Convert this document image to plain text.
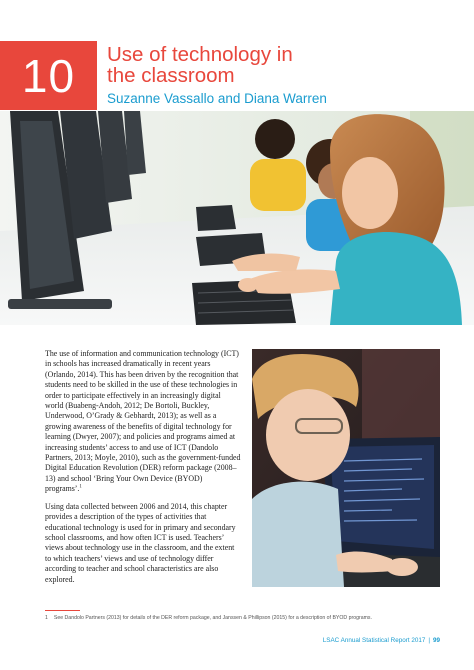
10 Use of technology in
the classroom
Suzanne Vassallo and Diana Warren

The use of information and communication technology (ICT) in schools has increased dramatically in recent years (Orlando, 2014). This has been driven by the recognition that students need to be skilled in the use of these technologies in order to participate effectively in an increasingly digital world (Buabeng-Andoh, 2012; De Bortoli, Buckley, Underwood, O’Grady & Gebhardt, 2013); as well as a growing awareness of the benefits of digital technology for learning (Dwyer, 2007); and policies and programs aimed at increasing students’ access to and use of ICT (Dandolo Partners, 2013; Moyle, 2010), such as the government-funded Digital Education Revolution (DER) reform package (2008–13) and school ‘Bring Your Own Device (BYOD) programs’.$^1$

Using data collected between 2006 and 2014, this chapter provides a description of the types of activities that educational technology is used for in primary and secondary school classrooms, and how often ICT is used. Teachers’ views about technology use in the classroom, and the extent to which teachers’ views and use of technology differ according to teacher and school characteristics are also explored.

1 See Dandolo Partners (2013) for details of the DER reform package, and Janssen & Phillipson (2015) for a description of BYOD programs.
LSAC Annual Statistical Report 2017 | 99
